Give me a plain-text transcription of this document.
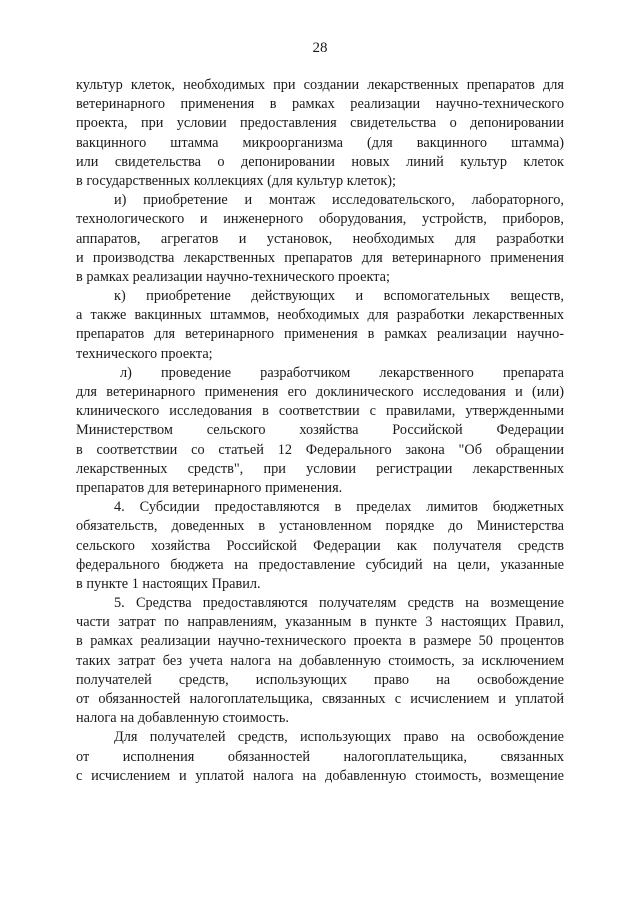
28
культур клеток, необходимых при создании лекарственных препаратов для
ветеринарного применения в рамках реализации научно-технического
проекта, при условии предоставления свидетельства о депонировании
вакцинного штамма микроорганизма (для вакцинного штамма)
или свидетельства о депонировании новых линий культур клеток
в государственных коллекциях (для культур клеток);
и) приобретение и монтаж исследовательского, лабораторного,
технологического и инженерного оборудования, устройств, приборов,
аппаратов, агрегатов и установок, необходимых для разработки
и производства лекарственных препаратов для ветеринарного применения
в рамках реализации научно-технического проекта;
к) приобретение действующих и вспомогательных веществ,
а также вакцинных штаммов, необходимых для разработки лекарственных
препаратов для ветеринарного применения в рамках реализации научно-
технического проекта;
л) проведение разработчиком лекарственного препарата
для ветеринарного применения его доклинического исследования и (или)
клинического исследования в соответствии с правилами, утвержденными
Министерством сельского хозяйства Российской Федерации
в соответствии со статьей 12 Федерального закона "Об обращении
лекарственных средств", при условии регистрации лекарственных
препаратов для ветеринарного применения.
4. Субсидии предоставляются в пределах лимитов бюджетных
обязательств, доведенных в установленном порядке до Министерства
сельского хозяйства Российской Федерации как получателя средств
федерального бюджета на предоставление субсидий на цели, указанные
в пункте 1 настоящих Правил.
5. Средства предоставляются получателям средств на возмещение
части затрат по направлениям, указанным в пункте 3 настоящих Правил,
в рамках реализации научно-технического проекта в размере 50 процентов
таких затрат без учета налога на добавленную стоимость, за исключением
получателей средств, использующих право на освобождение
от обязанностей налогоплательщика, связанных с исчислением и уплатой
налога на добавленную стоимость.
Для получателей средств, использующих право на освобождение
от исполнения обязанностей налогоплательщика, связанных
с исчислением и уплатой налога на добавленную стоимость, возмещение
